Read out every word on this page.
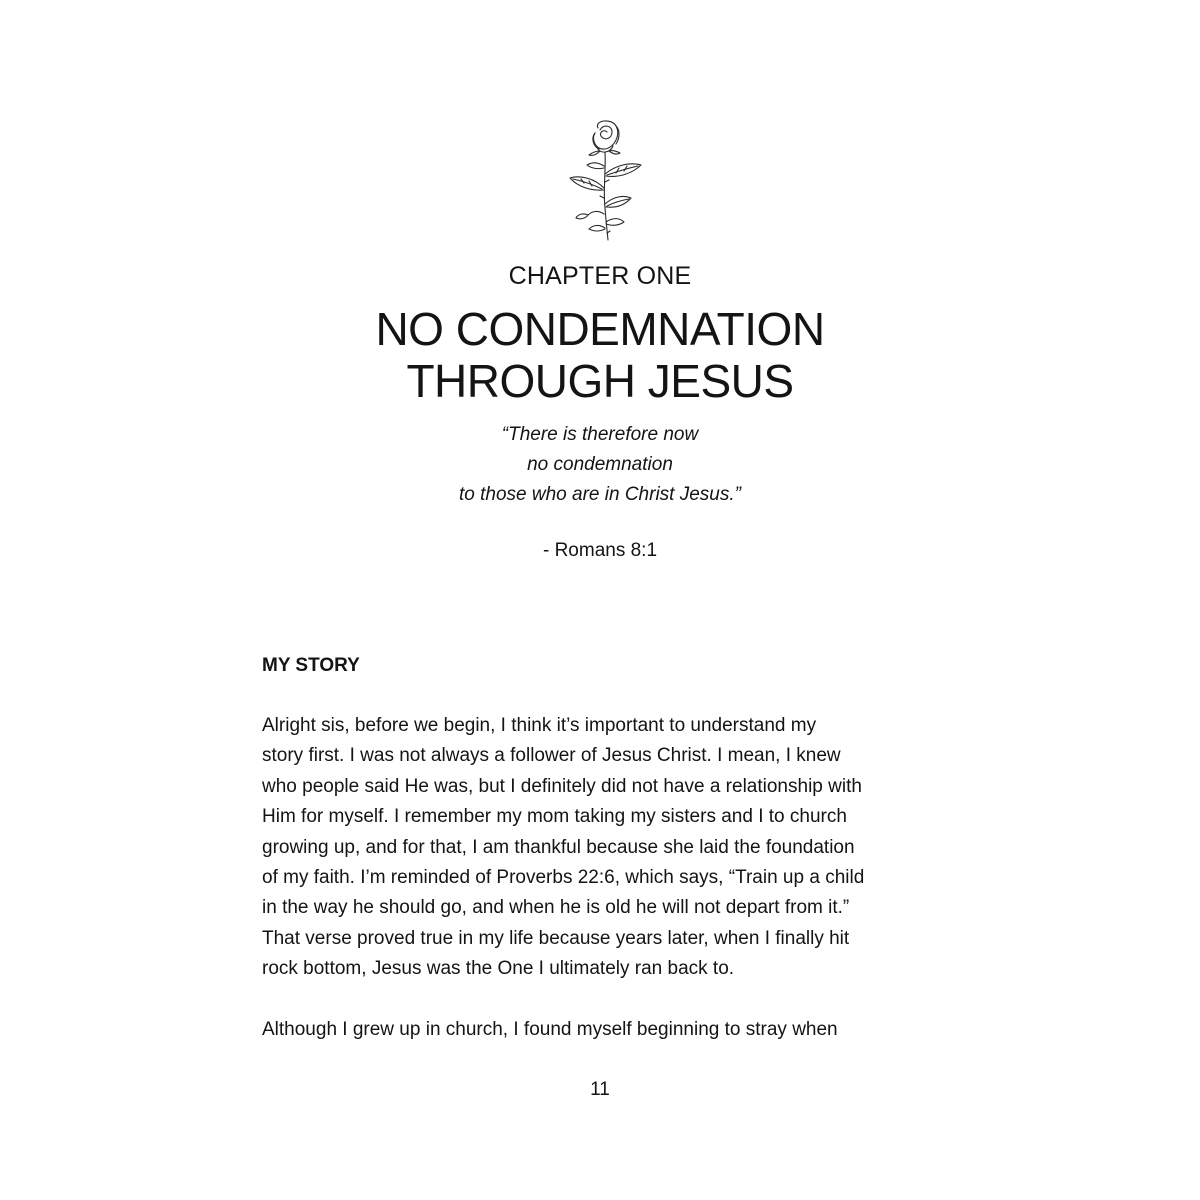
CHAPTER ONE
NO CONDEMNATION
THROUGH JESUS
“There is therefore now
no condemnation
to those who are in Christ Jesus.”
- Romans 8:1
MY STORY
Alright sis, before we begin, I think it’s important to understand my
story first. I was not always a follower of Jesus Christ. I mean, I knew
who people said He was, but I definitely did not have a relationship with
Him for myself. I remember my mom taking my sisters and I to church
growing up, and for that, I am thankful because she laid the foundation
of my faith. I’m reminded of Proverbs 22:6, which says, “Train up a child
in the way he should go, and when he is old he will not depart from it.”
That verse proved true in my life because years later, when I finally hit
rock bottom, Jesus was the One I ultimately ran back to.
Although I grew up in church, I found myself beginning to stray when
11
